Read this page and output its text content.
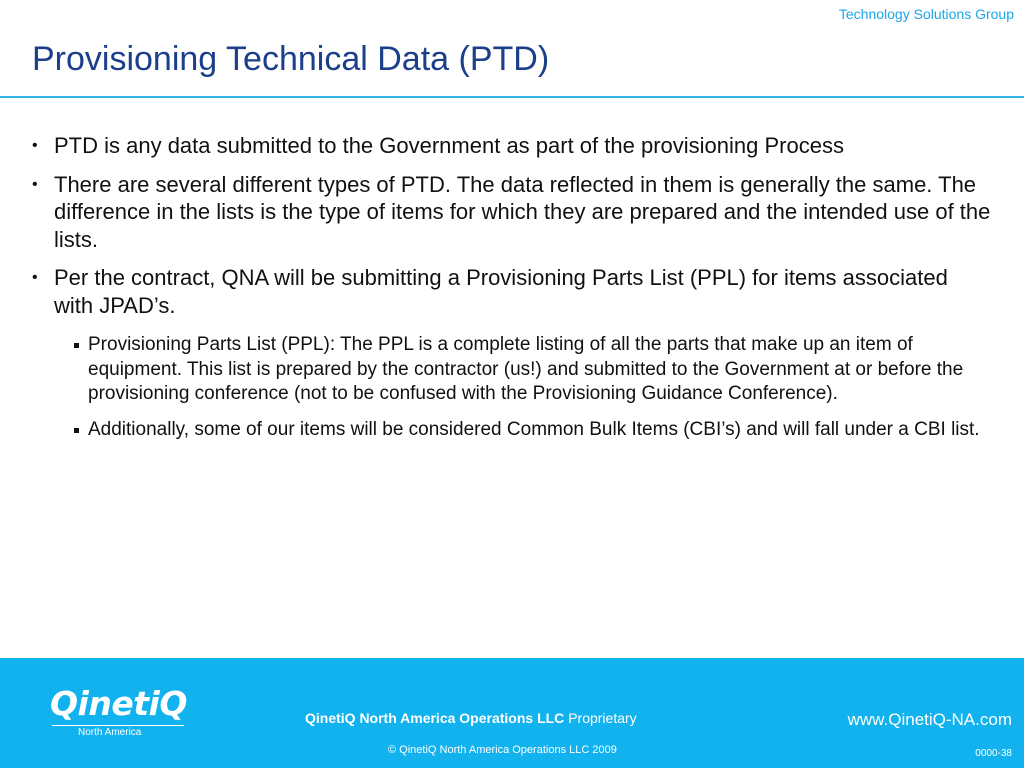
Technology Solutions Group
Provisioning Technical Data (PTD)
• PTD is any data submitted to the Government as part of the provisioning Process
• There are several different types of PTD. The data reflected in them is generally the same. The difference in the lists is the type of items for which they are prepared and the intended use of the lists.
• Per the contract, QNA will be submitting a Provisioning Parts List (PPL) for items associated with JPAD’s.
Provisioning Parts List (PPL): The PPL is a complete listing of all the parts that make up an item of equipment. This list is prepared by the contractor (us!) and submitted to the Government at or before the provisioning conference (not to be confused with the Provisioning Guidance Conference).
Additionally, some of our items will be considered Common Bulk Items (CBI’s) and will fall under a CBI list.
QinetiQ
North America
QinetiQ North America Operations LLC Proprietary
© QinetiQ North America Operations LLC 2009
www.QinetiQ-NA.com
0000-38
